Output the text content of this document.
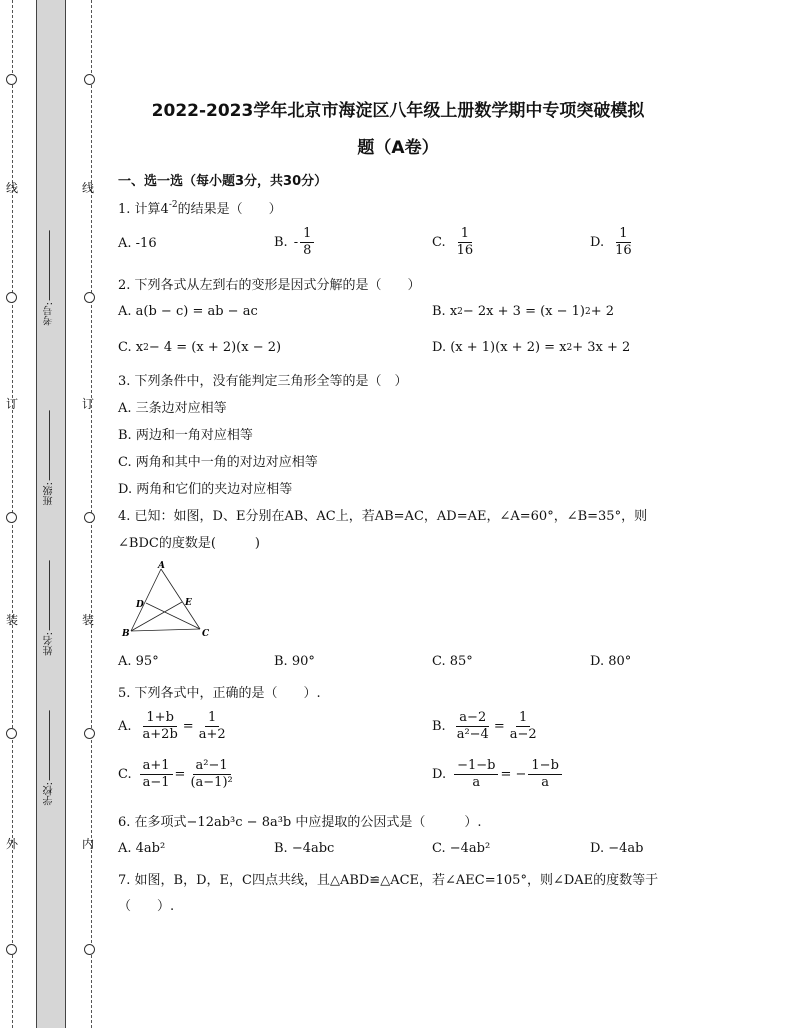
线
订
装
外
线
订
装
内
考号:
班级:
姓名:
学校:
2022-2023学年北京市海淀区八年级上册数学期中专项突破模拟
题（A卷）
一、选一选（每小题3分，共30分）
1. 计算$4^{-2}$的结果是（　　）
A. -16	B. - $\frac{1}{8}$	C. $\frac{1}{16}$	D. $\frac{1}{16}$
2. 下列各式从左到右的变形是因式分解的是（　　）
A. a(b − c) = ab − ac	B. x 2 − 2x + 3 = (x − 1) 2 + 2
C. x 2 − 4 = (x + 2)(x − 2)	D. (x + 1)(x + 2) = x 2 + 3x + 2
3. 下列条件中，没有能判定三角形全等的是（　）
A. 三条边对应相等
B. 两边和一角对应相等
C. 两角和其中一角的对边对应相等
D. 两角和它们的夹边对应相等
4. 已知：如图，D、E分别在AB、AC上，若AB=AC，AD=AE，∠A=60°，∠B=35°，则
∠BDC的度数是(　　　)
A
B	C
D	E
A. 95°	B. 90°	C. 85°	D. 80°
5. 下列各式中，正确的是（　　）.
A. $\frac{1+b}{a+2b} = \frac{1}{a+2}$	B. $\frac{a-2}{\text{a²−4}} = \frac{1}{a-2}$
C. $\frac{a+1}{a-1} = \frac{\text{a²−1}}{\text{(a−1)²}}$	D. $\frac{-1-b}{a}$ = − $\frac{1-b}{a}$
6. 在多项式−12ab³c − 8a³b 中应提取的公因式是（　　　）.
A. 4ab²	B. −4abc	C. −4ab²	D. −4ab
7. 如图，B，D，E，C四点共线，且△ABD≌△ACE，若∠AEC=105°，则∠DAE的度数等于
（　　）.
